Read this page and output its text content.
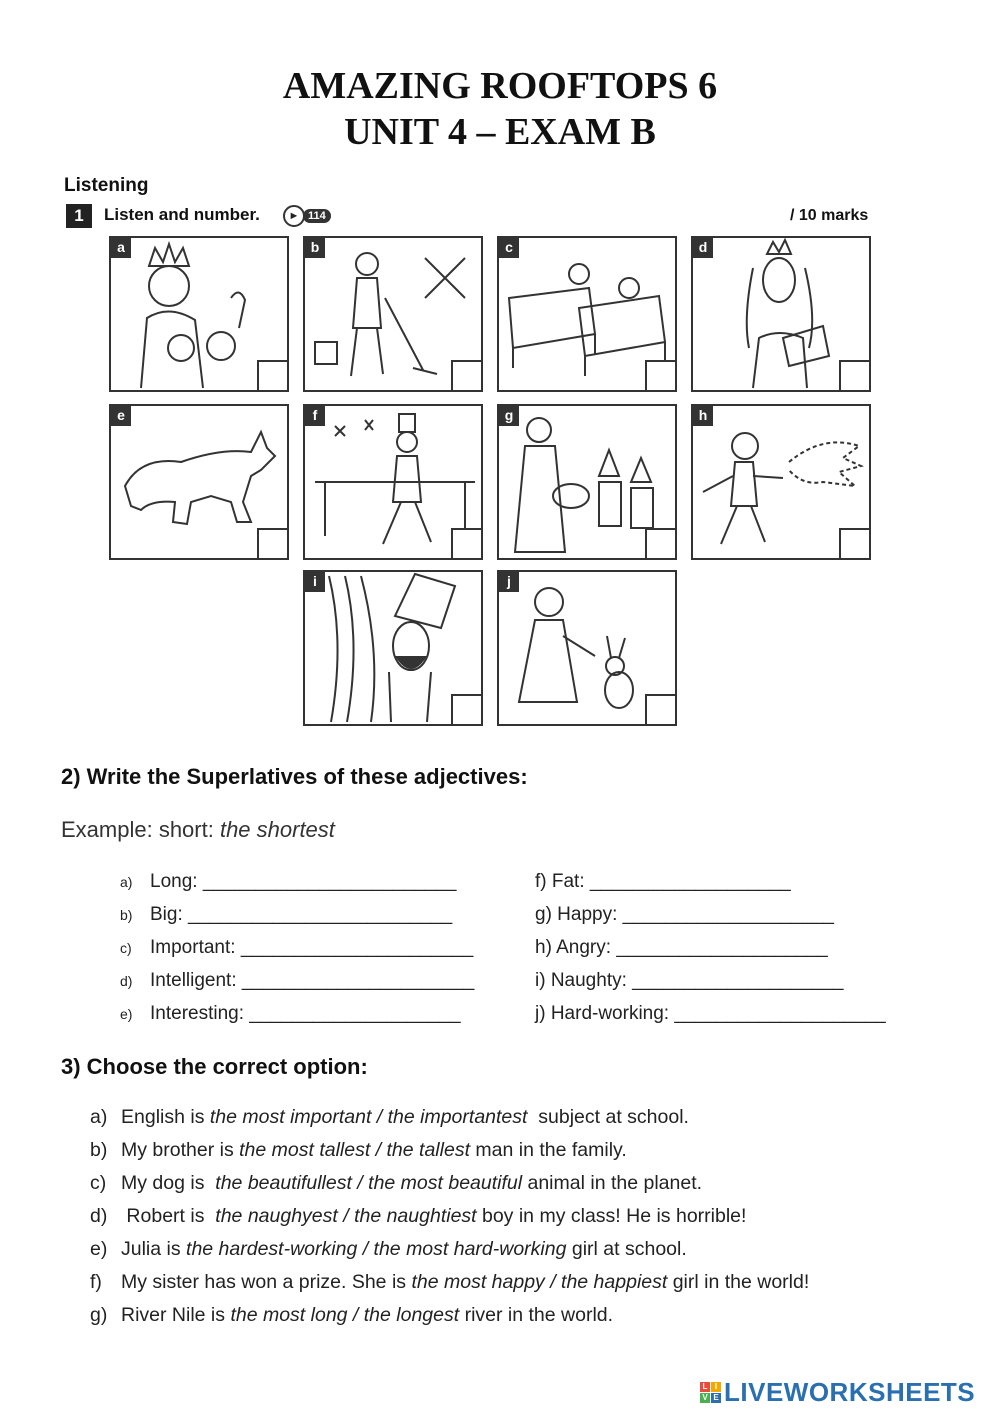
AMAZING ROOFTOPS 6
UNIT 4 – EXAM B
Listening
1	Listen and number.	► 114	/ 10 marks
a	b	c	d
e	f	g	h
i	j
2) Write the Superlatives of these adjectives:
Example: short: the shortest
a) Long: ________________________
b) Big: _________________________
c) Important: ______________________
d) Intelligent: ______________________
e) Interesting: ____________________
f) Fat: ___________________
g) Happy: ____________________
h) Angry: ____________________
i) Naughty: ____________________
j) Hard-working: ____________________
3) Choose the correct option:
a) English is the most important / the importantest  subject at school.
b) My brother is the most tallest / the tallest man in the family.
c) My dog is  the beautifullest / the most beautiful animal in the planet.
d) Robert is  the naughyest / the naughtiest boy in my class! He is horrible!
e) Julia is the hardest-working / the most hard-working girl at school.
f) My sister has won a prize. She is the most happy / the happiest girl in the world!
g) River Nile is the most long / the longest river in the world.
L I
V E LIVEWORKSHEETS
